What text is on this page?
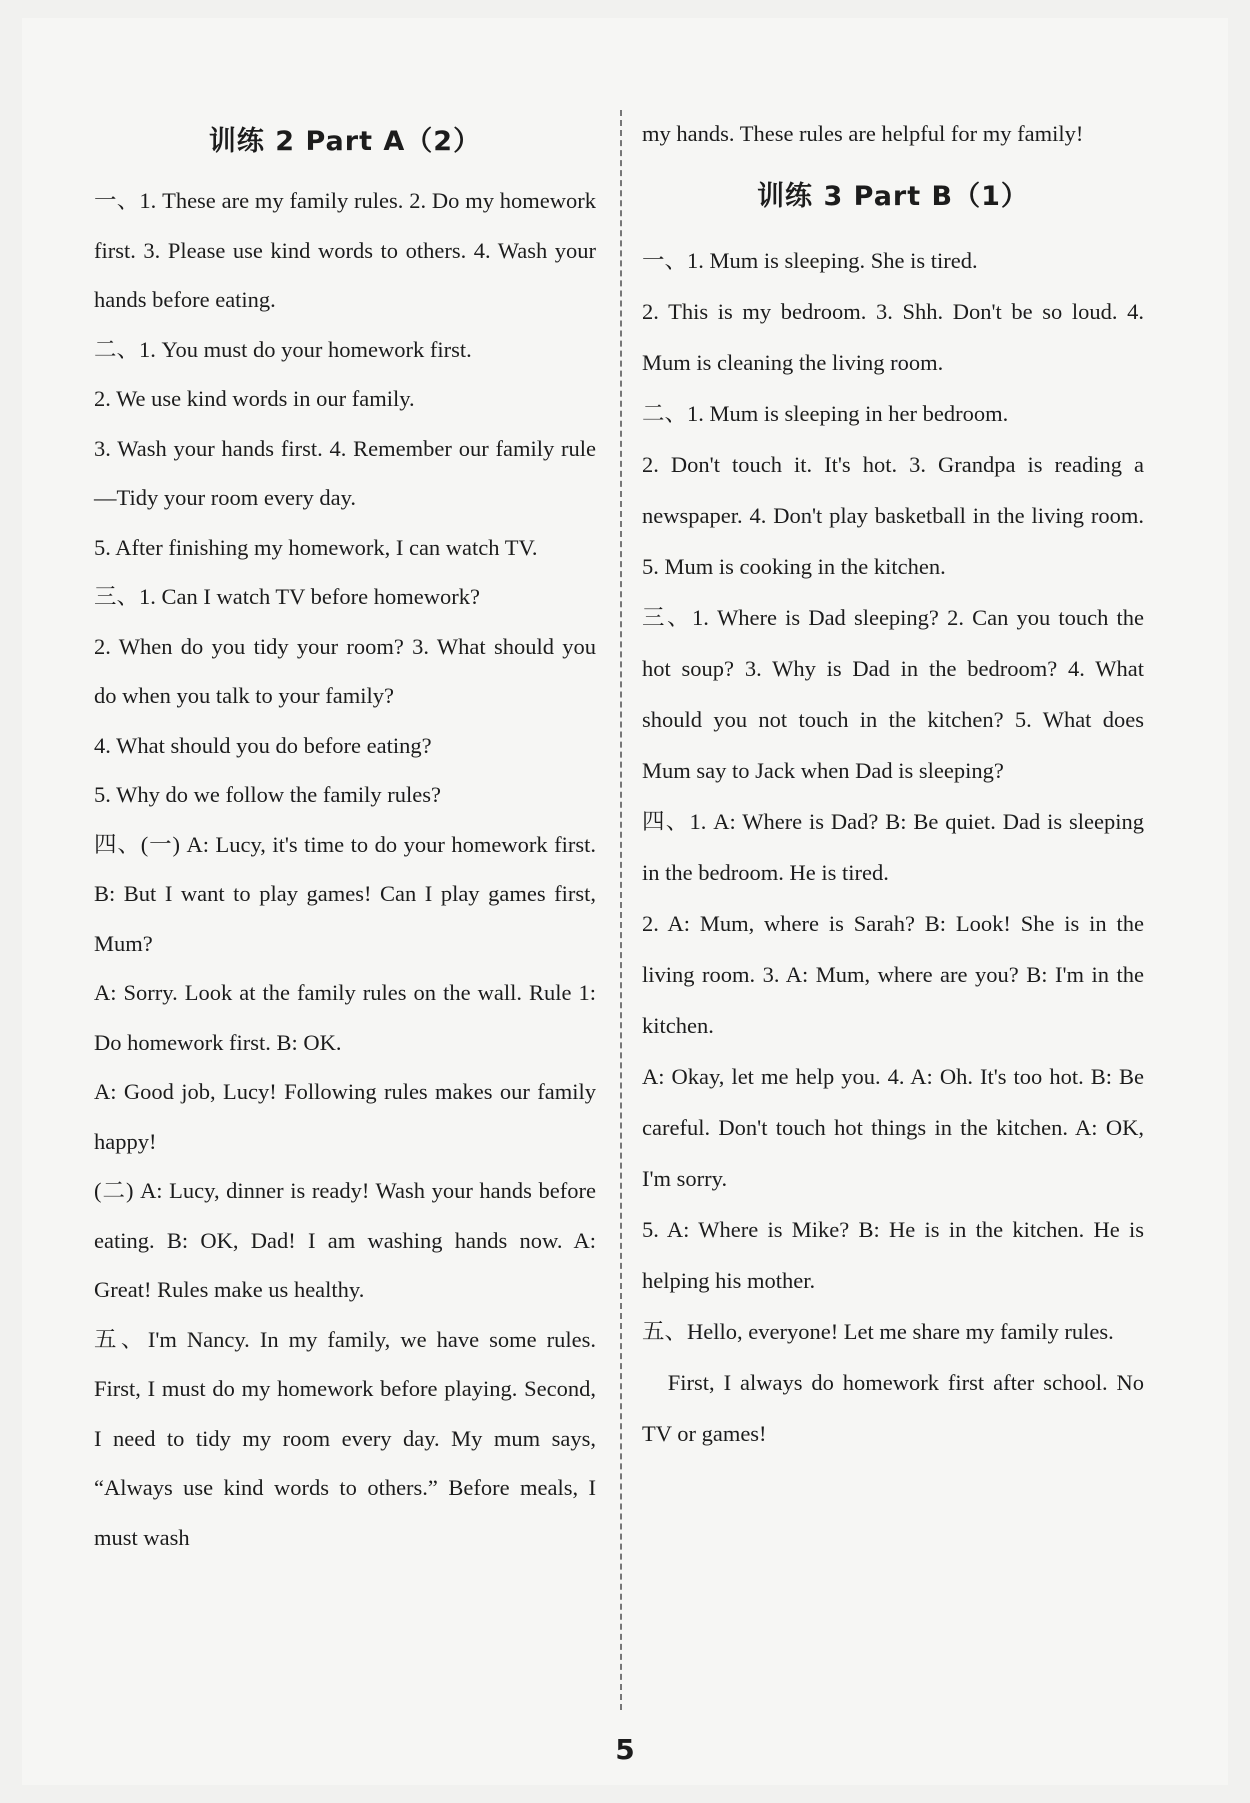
训练 2 Part A（2）

一、1. These are my family rules. 2. Do my homework first. 3. Please use kind words to others. 4. Wash your hands before eating.

二、1. You must do your homework first.

2. We use kind words in our family.

3. Wash your hands first. 4. Remember our family rule—Tidy your room every day.

5. After finishing my homework, I can watch TV.

三、1. Can I watch TV before homework?

2. When do you tidy your room? 3. What should you do when you talk to your family?

4. What should you do before eating?

5. Why do we follow the family rules?

四、(一) A: Lucy, it's time to do your homework first. B: But I want to play games! Can I play games first, Mum?

A: Sorry. Look at the family rules on the wall. Rule 1: Do homework first. B: OK.

A: Good job, Lucy! Following rules makes our family happy!

(二) A: Lucy, dinner is ready! Wash your hands before eating. B: OK, Dad! I am washing hands now. A: Great! Rules make us healthy.

五、I'm Nancy. In my family, we have some rules. First, I must do my homework before playing. Second, I need to tidy my room every day. My mum says, “Always use kind words to others.” Before meals, I must wash

my hands. These rules are helpful for my family!

训练 3 Part B（1）

一、1. Mum is sleeping. She is tired.

2. This is my bedroom. 3. Shh. Don't be so loud. 4. Mum is cleaning the living room.

二、1. Mum is sleeping in her bedroom.

2. Don't touch it. It's hot. 3. Grandpa is reading a newspaper. 4. Don't play basketball in the living room. 5. Mum is cooking in the kitchen.

三、1. Where is Dad sleeping? 2. Can you touch the hot soup? 3. Why is Dad in the bedroom? 4. What should you not touch in the kitchen? 5. What does Mum say to Jack when Dad is sleeping?

四、1. A: Where is Dad? B: Be quiet. Dad is sleeping in the bedroom. He is tired.

2. A: Mum, where is Sarah? B: Look! She is in the living room. 3. A: Mum, where are you? B: I'm in the kitchen.

A: Okay, let me help you. 4. A: Oh. It's too hot. B: Be careful. Don't touch hot things in the kitchen. A: OK, I'm sorry.

5. A: Where is Mike? B: He is in the kitchen. He is helping his mother.

五、Hello, everyone! Let me share my family rules.

　First, I always do homework first after school. No TV or games!

5
